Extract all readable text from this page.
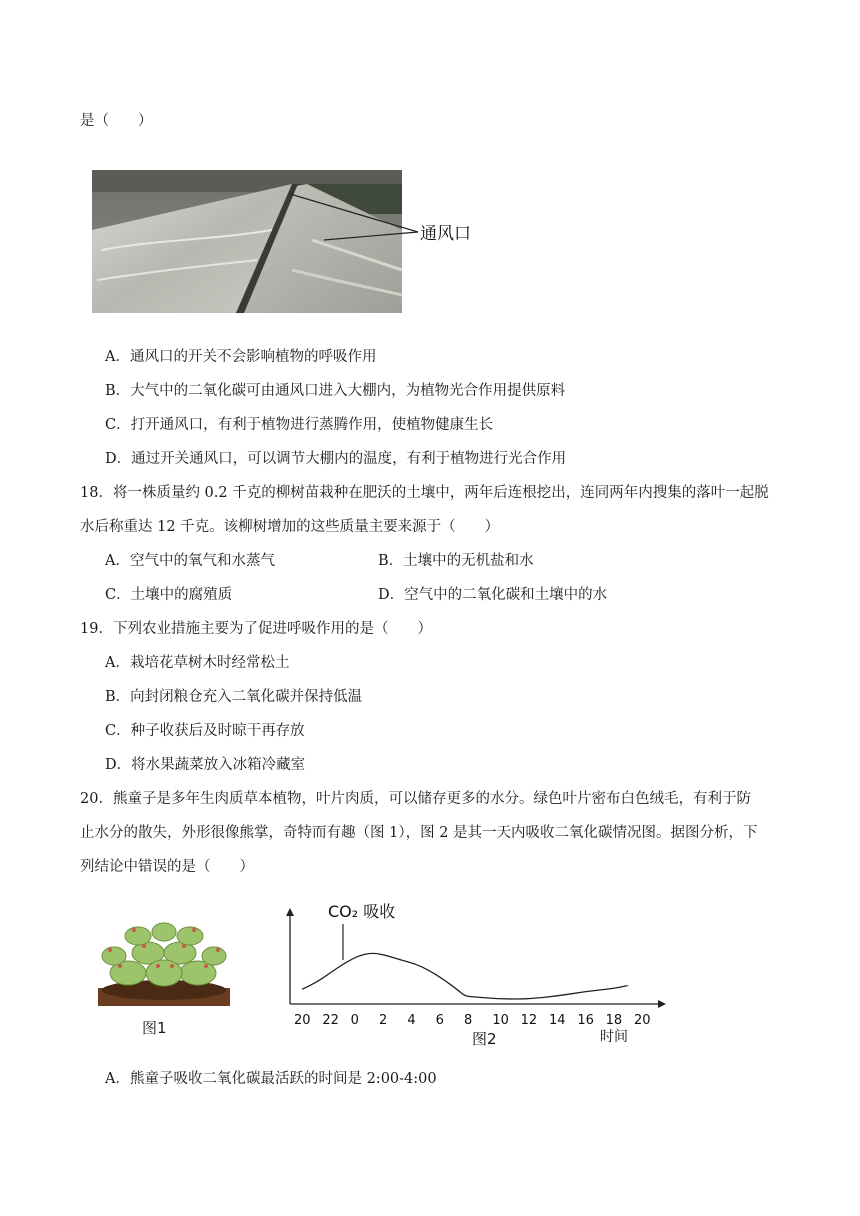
是（　　）
通风口
A．通风口的开关不会影响植物的呼吸作用
B．大气中的二氧化碳可由通风口进入大棚内，为植物光合作用提供原料
C．打开通风口，有利于植物进行蒸腾作用，使植物健康生长
D．通过开关通风口，可以调节大棚内的温度，有利于植物进行光合作用
18．将一株质量约 0.2 千克的柳树苗栽种在肥沃的土壤中，两年后连根挖出，连同两年内搜集的落叶一起脱
水后称重达 12 千克。该柳树增加的这些质量主要来源于（　　）
A．空气中的氧气和水蒸气	B．土壤中的无机盐和水
C．土壤中的腐殖质	D．空气中的二氧化碳和土壤中的水
19．下列农业措施主要为了促进呼吸作用的是（　　）
A．栽培花草树木时经常松土
B．向封闭粮仓充入二氧化碳并保持低温
C．种子收获后及时晾干再存放
D．将水果蔬菜放入冰箱冷藏室
20．熊童子是多年生肉质草本植物，叶片肉质，可以储存更多的水分。绿色叶片密布白色绒毛，有利于防
止水分的散失，外形很像熊掌，奇特而有趣（图 1），图 2 是其一天内吸收二氧化碳情况图。据图分析，下
列结论中错误的是（　　）
图1
CO₂ 吸收
20 22 0 2 4 6 8 10 12 14 16 18 20
图2	时间
A．熊童子吸收二氧化碳最活跃的时间是 2:00-4:00
